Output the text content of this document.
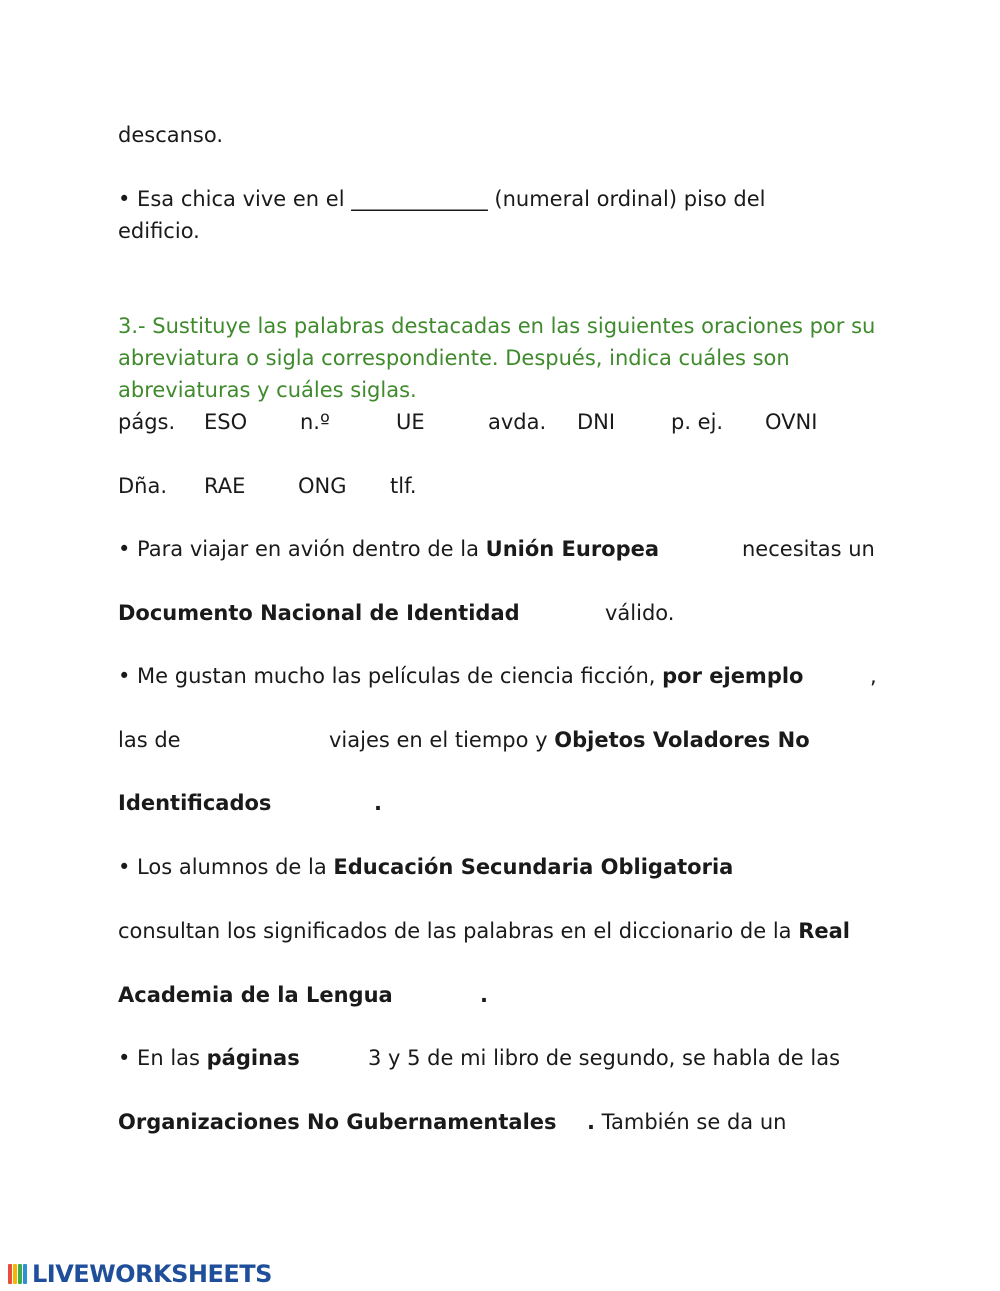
descanso.
• Esa chica vive en el _____________ (numeral ordinal) piso del
edificio.
3.- Sustituye las palabras destacadas en las siguientes oraciones por su
abreviatura o sigla correspondiente. Después, indica cuáles son
abreviaturas y cuáles siglas.
págs. ESO	n.º	UE	avda. DNI	p. ej. OVNI
Dña. RAE	ONG tlf.
• Para viajar en avión dentro de la Unión Europea	necesitas un
Documento Nacional de Identidad	válido.
• Me gustan mucho las películas de ciencia ficción, por ejemplo	,
las de	viajes en el tiempo y Objetos Voladores No
Identificados	.
• Los alumnos de la Educación Secundaria Obligatoria
consultan los significados de las palabras en el diccionario de la Real
Academia de la Lengua	.
• En las páginas	3 y 5 de mi libro de segundo, se habla de las
Organizaciones No Gubernamentales . También se da un
LIVEWORKSHEETS
